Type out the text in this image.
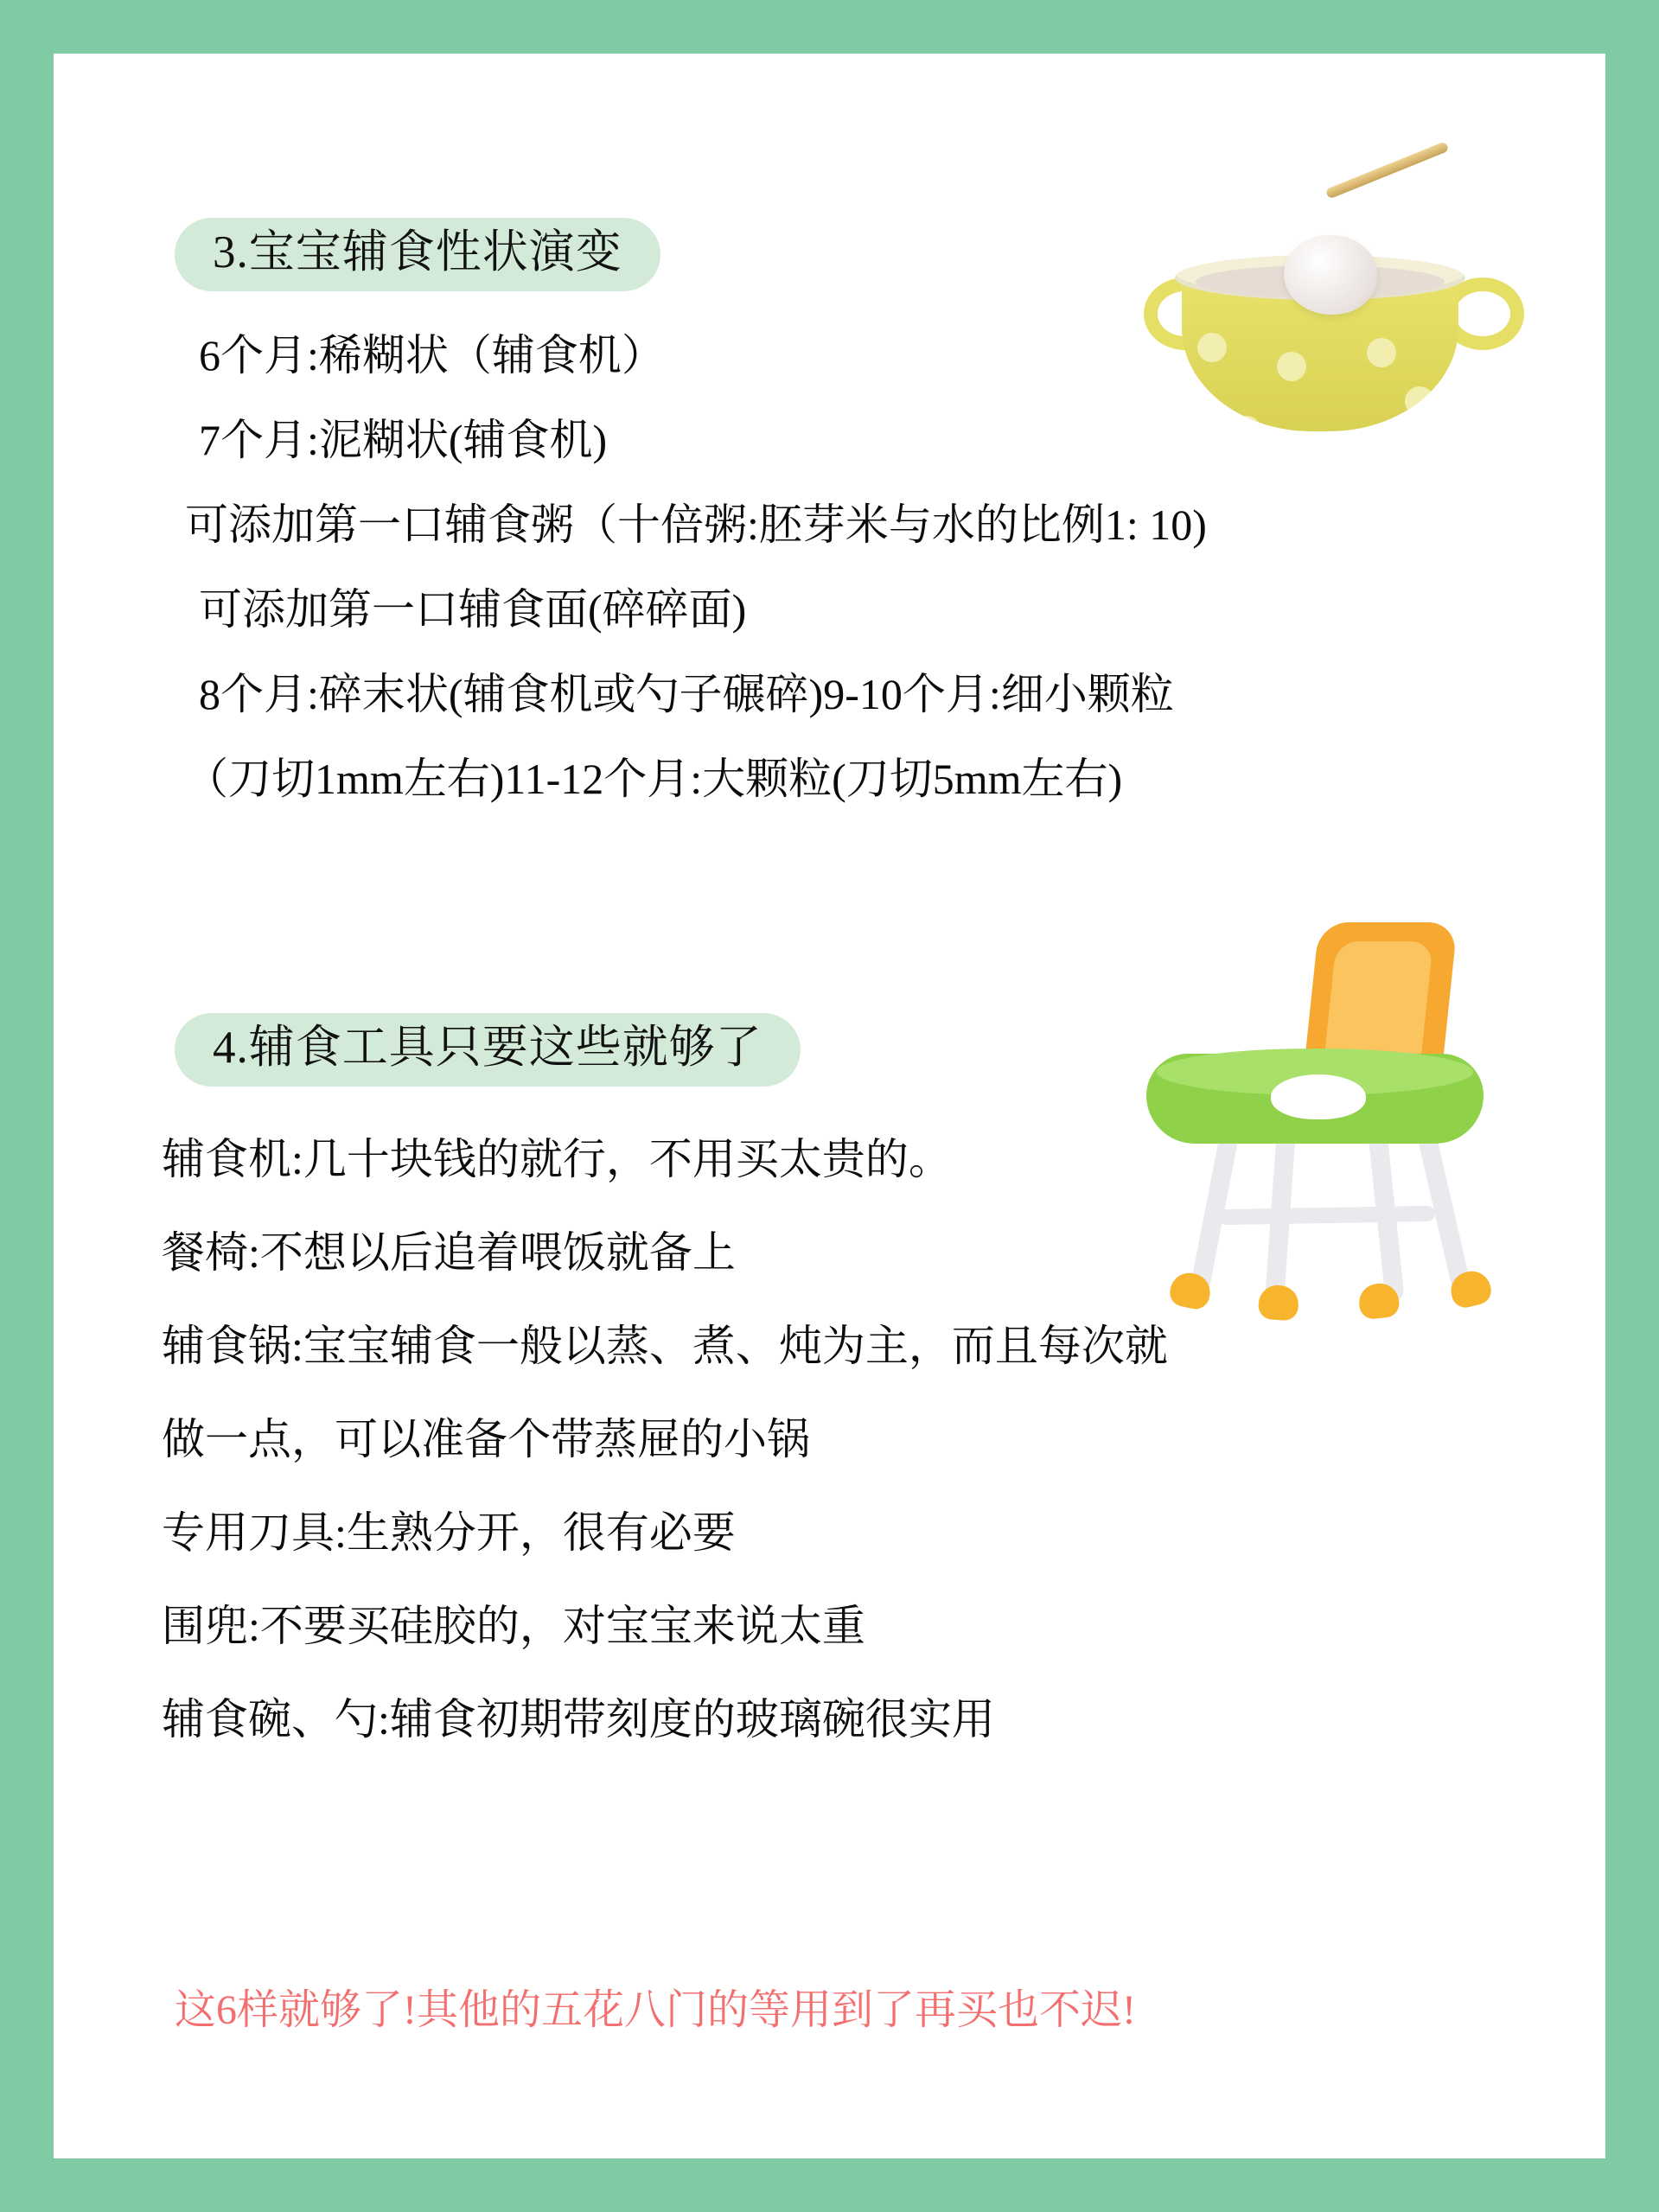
3.宝宝辅食性状演变
6个月:稀糊状（辅食机）
7个月:泥糊状(辅食机)
可添加第一口辅食粥（十倍粥:胚芽米与水的比例1: 10)
可添加第一口辅食面(碎碎面)
8个月:碎末状(辅食机或勺子碾碎)9-10个月:细小颗粒
（刀切1mm左右)11-12个月:大颗粒(刀切5mm左右)
4.辅食工具只要这些就够了
辅食机:几十块钱的就行，不用买太贵的。
餐椅:不想以后追着喂饭就备上
辅食锅:宝宝辅食一般以蒸、煮、炖为主，而且每次就
做一点，可以准备个带蒸屉的小锅
专用刀具:生熟分开，很有必要
围兜:不要买硅胶的，对宝宝来说太重
辅食碗、勺:辅食初期带刻度的玻璃碗很实用
这6样就够了!其他的五花八门的等用到了再买也不迟!
